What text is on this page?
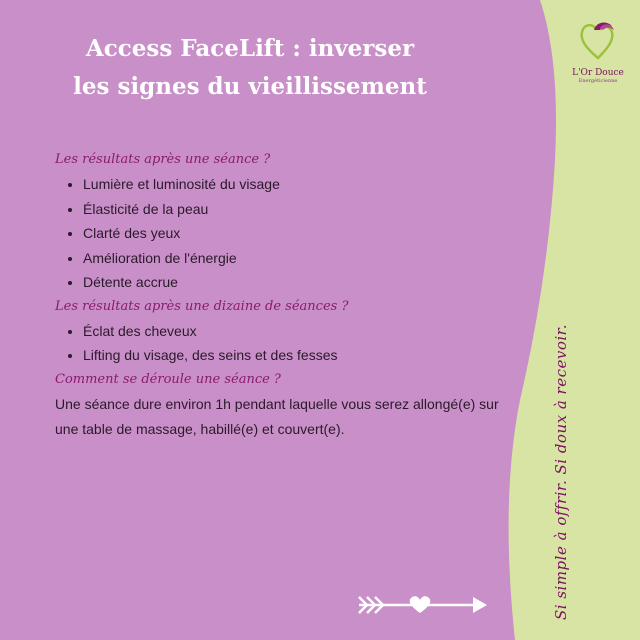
Access FaceLift : inverser
les signes du vieillissement

Les résultats après une séance ?

• Lumière et luminosité du visage
• Élasticité de la peau
• Clarté des yeux
• Amélioration de l'énergie
• Détente accrue

Les résultats après une dizaine de séances ?

• Éclat des cheveux
• Lifting du visage, des seins et des fesses

Comment se déroule une séance ?

Une séance dure environ 1h pendant laquelle vous serez allongé(e) sur une table de massage, habillé(e) et couvert(e).

L'Or Douce
Energéticienne
Si simple à offrir. Si doux à recevoir.
